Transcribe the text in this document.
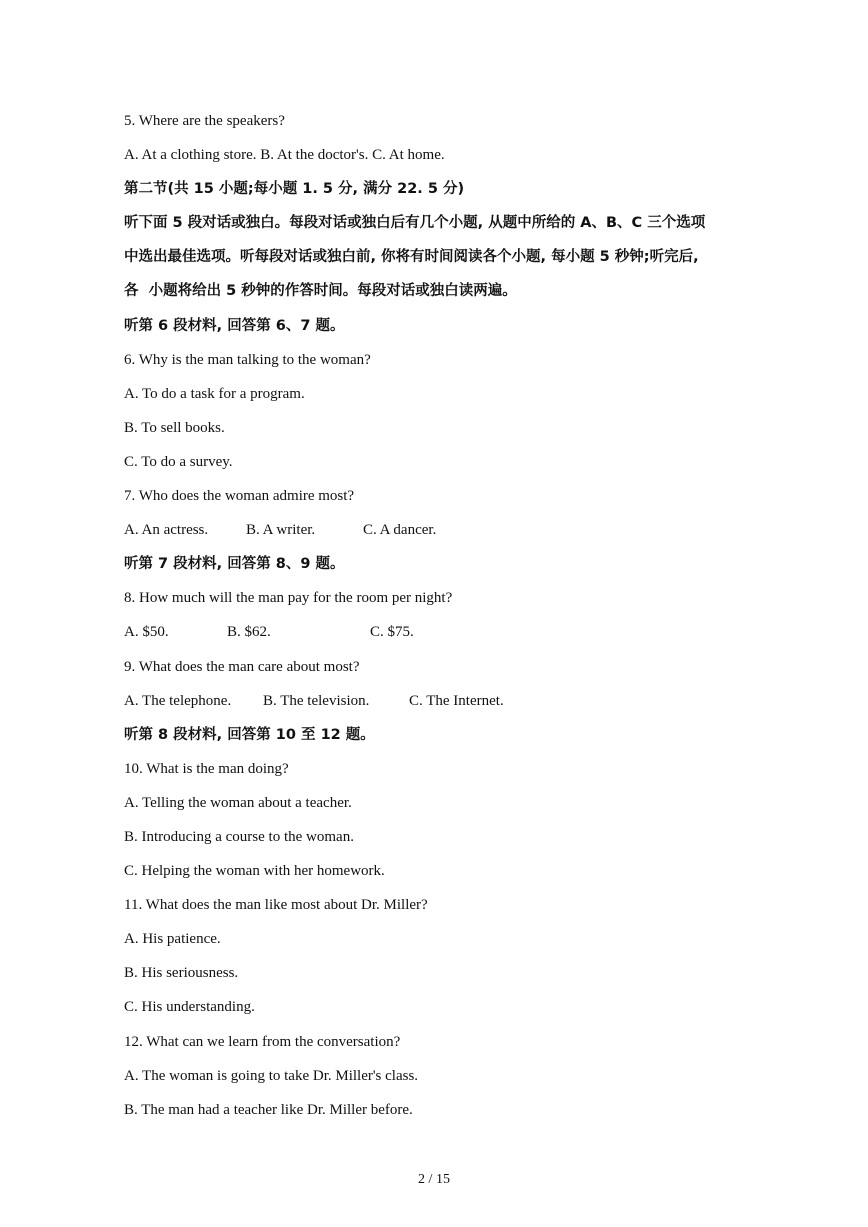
5. Where are the speakers?
A. At a clothing store. B. At the doctor's. C. At home.
第二节(共 15 小题;每小题 1. 5 分, 满分 22. 5 分)
听下面 5 段对话或独白。每段对话或独白后有几个小题, 从题中所给的 A、B、C 三个选项
中选出最佳选项。听每段对话或独白前, 你将有时间阅读各个小题, 每小题 5 秒钟;听完后,
各  小题将给出 5 秒钟的作答时间。每段对话或独白读两遍。
听第 6 段材料, 回答第 6、7 题。
6. Why is the man talking to the woman?
A. To do a task for a program.
B. To sell books.
C. To do a survey.
7. Who does the woman admire most?
A. An actress.	B. A writer.	C. A dancer.
听第 7 段材料, 回答第 8、9 题。
8. How much will the man pay for the room per night?
A. $50.	B. $62.	C. $75.
9. What does the man care about most?
A. The telephone.	B. The television.	C. The Internet.
听第 8 段材料, 回答第 10 至 12 题。
10. What is the man doing?
A. Telling the woman about a teacher.
B. Introducing a course to the woman.
C. Helping the woman with her homework.
11. What does the man like most about Dr. Miller?
A. His patience.
B. His seriousness.
C. His understanding.
12. What can we learn from the conversation?
A. The woman is going to take Dr. Miller's class.
B. The man had a teacher like Dr. Miller before.
2 / 15
